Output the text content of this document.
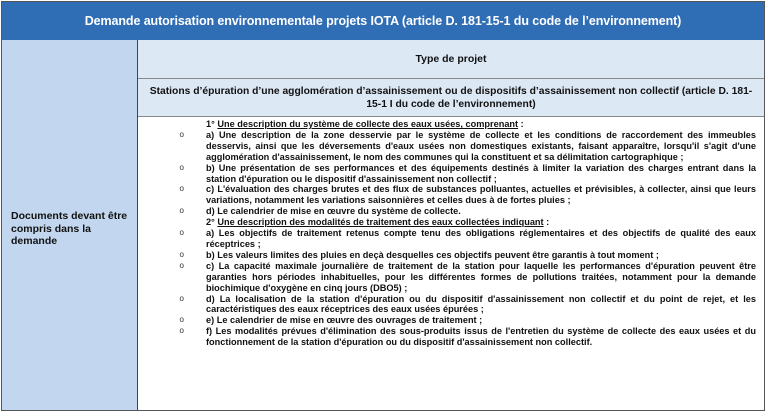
Demande autorisation environnementale projets IOTA (article D. 181-15-1 du code de l’environnement)
Documents devant être compris dans la demande
Type de projet
Stations d’épuration d’une agglomération d’assainissement ou de dispositifs d’assainissement non collectif (article D. 181-15-1 I du code de l’environnement)
1° Une description du système de collecte des eaux usées, comprenant :
o	a) Une description de la zone desservie par le système de collecte et les conditions de raccordement des immeubles desservis, ainsi que les déversements d'eaux usées non domestiques existants, faisant apparaître, lorsqu'il s'agit d'une agglomération d'assainissement, le nom des communes qui la constituent et sa délimitation cartographique ;
o	b) Une présentation de ses performances et des équipements destinés à limiter la variation des charges entrant dans la station d'épuration ou le dispositif d'assainissement non collectif ;
o	c) L'évaluation des charges brutes et des flux de substances polluantes, actuelles et prévisibles, à collecter, ainsi que leurs variations, notamment les variations saisonnières et celles dues à de fortes pluies ;
o	d) Le calendrier de mise en œuvre du système de collecte.
2° Une description des modalités de traitement des eaux collectées indiquant :
o	a) Les objectifs de traitement retenus compte tenu des obligations réglementaires et des objectifs de qualité des eaux réceptrices ;
o	b) Les valeurs limites des pluies en deçà desquelles ces objectifs peuvent être garantis à tout moment ;
o	c) La capacité maximale journalière de traitement de la station pour laquelle les performances d'épuration peuvent être garanties hors périodes inhabituelles, pour les différentes formes de pollutions traitées, notamment pour la demande biochimique d'oxygène en cinq jours (DBO5) ;
o	d) La localisation de la station d'épuration ou du dispositif d'assainissement non collectif et du point de rejet, et les caractéristiques des eaux réceptrices des eaux usées épurées ;
o	e) Le calendrier de mise en œuvre des ouvrages de traitement ;
o	f) Les modalités prévues d'élimination des sous-produits issus de l'entretien du système de collecte des eaux usées et du fonctionnement de la station d'épuration ou du dispositif d'assainissement non collectif.
